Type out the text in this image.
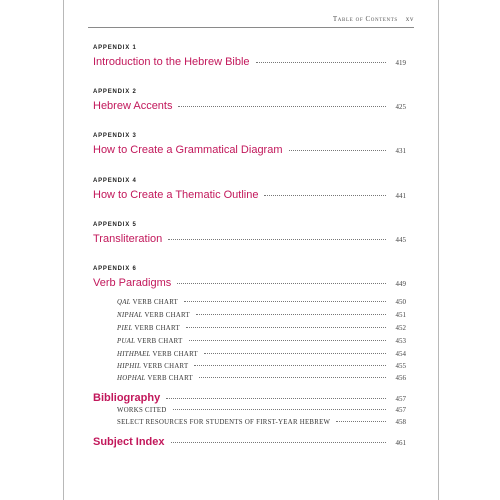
Table of Contents xv
APPENDIX 1
Introduction to the Hebrew Bible	419
APPENDIX 2
Hebrew Accents	425
APPENDIX 3
How to Create a Grammatical Diagram	431
APPENDIX 4
How to Create a Thematic Outline	441
APPENDIX 5
Transliteration	445
APPENDIX 6
Verb Paradigms	449
QAL VERB CHART	450
NIPHAL VERB CHART	451
PIEL VERB CHART	452
PUAL VERB CHART	453
HITHPAEL VERB CHART	454
HIPHIL VERB CHART	455
HOPHAL VERB CHART	456
Bibliography	457
WORKS CITED	457
SELECT RESOURCES FOR STUDENTS OF FIRST-YEAR HEBREW	458
Subject Index	461
